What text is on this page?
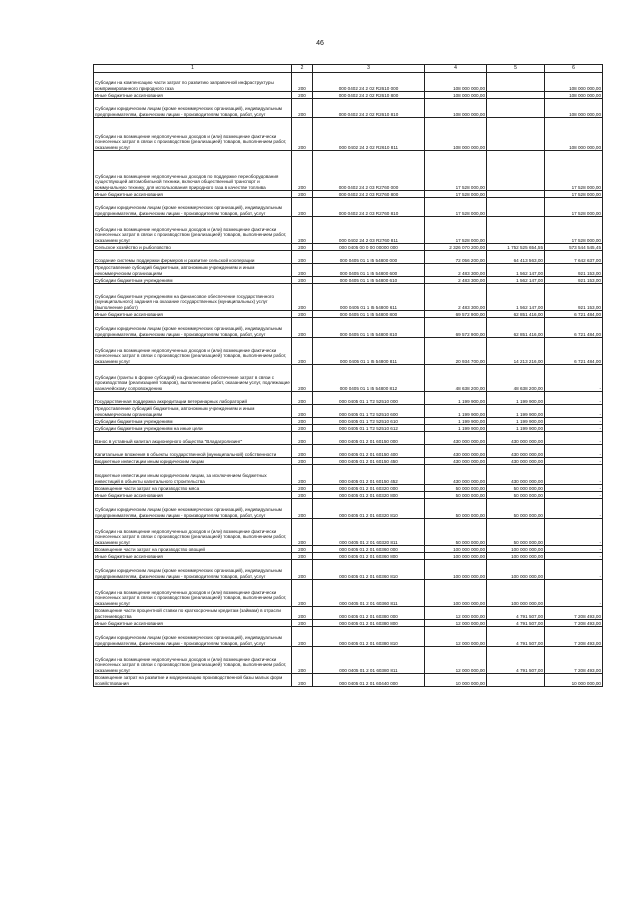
46
1	2	3	4	5	6
Субсидии на компенсацию части затрат по развитию заправочной инфраструктуры компримированного природного газа	200	000 0402 24 2 02 R2610 000	108 000 000,00		108 000 000,00
Иные бюджетные ассигнования	200	000 0402 24 2 02 R2610 800	108 000 000,00		108 000 000,00
Субсидии юридическим лицам (кроме некоммерческих организаций), индивидуальным предпринимателям, физическим лицам - производителям товаров, работ, услуг	200	000 0402 24 2 02 R2610 810	108 000 000,00		108 000 000,00
Субсидии на возмещение недополученных доходов и (или) возмещение фактически понесенных затрат в связи с производством (реализацией) товаров, выполнением работ, оказанием услуг	200	000 0402 24 2 02 R2610 811	108 000 000,00		108 000 000,00
Субсидии на возмещение недополученных доходов по поддержке переоборудования существующей автомобильной техники, включая общественный транспорт и коммунальную технику, для использования природного газа в качестве топлива	200	000 0402 24 2 03 R2760 000	17 528 000,00		17 528 000,00
Иные бюджетные ассигнования	200	000 0402 24 2 03 R2760 800	17 528 000,00		17 528 000,00
Субсидии юридическим лицам (кроме некоммерческих организаций), индивидуальным предпринимателям, физическим лицам - производителям товаров, работ, услуг	200	000 0402 24 2 03 R2760 810	17 528 000,00		17 528 000,00
Субсидии на возмещение недополученных доходов и (или) возмещение фактически понесенных затрат в связи с производством (реализацией) товаров, выполнением работ, оказанием услуг	200	000 0402 24 2 03 R2760 811	17 528 000,00		17 528 000,00
Сельское хозяйство и рыболовство	200	000 0405 00 0 00 00000 000	2 326 070 200,00	1 752 525 654,55	573 544 545,45
Создание системы поддержки фермеров и развитие сельской кооперации	200	000 0405 01 1 I5 54800 000	72 056 200,00	64 413 563,00	7 642 637,00
Предоставление субсидий бюджетным, автономным учреждениям и иным некоммерческим организациям	200	000 0405 01 1 I5 54800 600	2 483 300,00	1 562 147,00	921 153,00
Субсидии бюджетным учреждениям	200	000 0405 01 1 I5 54800 610	2 483 300,00	1 562 147,00	921 153,00
Субсидии бюджетным учреждениям на финансовое обеспечение государственного (муниципального) задания на оказание государственных (муниципальных) услуг (выполнение работ)	200	000 0405 01 1 I5 54800 611	2 483 300,00	1 562 147,00	921 153,00
Иные бюджетные ассигнования	200	000 0405 01 1 I5 54800 800	69 572 900,00	62 851 416,00	6 721 484,00
Субсидии юридическим лицам (кроме некоммерческих организаций), индивидуальным предпринимателям, физическим лицам - производителям товаров, работ, услуг	200	000 0405 01 1 I5 54800 810	69 572 900,00	62 851 416,00	6 721 484,00
Субсидии на возмещение недополученных доходов и (или) возмещение фактически понесенных затрат в связи с производством (реализацией) товаров, выполнением работ, оказанием услуг	200	000 0405 01 1 I5 54800 811	20 934 700,00	14 213 216,00	6 721 484,00
Субсидии (гранты в форме субсидий) на финансовое обеспечение затрат в связи с производством (реализацией товаров), выполнением работ, оказанием услуг, подлежащие казначейскому сопровождению	200	000 0405 01 1 I5 54800 812	48 638 200,00	48 638 200,00	-
Государственная поддержка аккредитации ветеринарных лабораторий	200	000 0405 01 1 T2 52510 000	1 199 900,00	1 199 900,00	-
Предоставление субсидий бюджетным, автономным учреждениям и иным некоммерческим организациям	200	000 0405 01 1 T2 52510 600	1 199 900,00	1 199 900,00	-
Субсидии бюджетным учреждениям	200	000 0405 01 1 T2 52510 610	1 199 900,00	1 199 900,00	-
Субсидии бюджетным учреждениям на иные цели	200	000 0405 01 1 T2 52510 612	1 199 900,00	1 199 900,00	-
Взнос в уставный капитал акционерного общества "Владагролизинг"	200	000 0405 01 2 01 60150 000	430 000 000,00	430 000 000,00	-
Капитальные вложения в объекты государственной (муниципальной) собственности	200	000 0405 01 2 01 60150 400	430 000 000,00	430 000 000,00	-
Бюджетные инвестиции иным юридическим лицам	200	000 0405 01 2 01 60150 450	430 000 000,00	430 000 000,00	-
Бюджетные инвестиции иным юридическим лицам, за исключением бюджетных инвестиций в объекты капитального строительства	200	000 0405 01 2 01 60150 452	430 000 000,00	430 000 000,00	-
Возмещение части затрат на производство мяса	200	000 0405 01 2 01 60320 000	50 000 000,00	50 000 000,00	-
Иные бюджетные ассигнования	200	000 0405 01 2 01 60320 800	50 000 000,00	50 000 000,00	-
Субсидии юридическим лицам (кроме некоммерческих организаций), индивидуальным предпринимателям, физическим лицам - производителям товаров, работ, услуг	200	000 0405 01 2 01 60320 810	50 000 000,00	50 000 000,00	-
Субсидии на возмещение недополученных доходов и (или) возмещение фактически понесенных затрат в связи с производством (реализацией) товаров, выполнением работ, оказанием услуг	200	000 0405 01 2 01 60320 811	50 000 000,00	50 000 000,00	-
Возмещение части затрат на производство овощей	200	000 0405 01 2 01 60360 000	100 000 000,00	100 000 000,00	-
Иные бюджетные ассигнования	200	000 0405 01 2 01 60360 800	100 000 000,00	100 000 000,00	-
Субсидии юридическим лицам (кроме некоммерческих организаций), индивидуальным предпринимателям, физическим лицам - производителям товаров, работ, услуг	200	000 0405 01 2 01 60360 810	100 000 000,00	100 000 000,00	-
Субсидии на возмещение недополученных доходов и (или) возмещение фактически понесенных затрат в связи с производством (реализацией) товаров, выполнением работ, оказанием услуг	200	000 0405 01 2 01 60360 811	100 000 000,00	100 000 000,00	-
Возмещение части процентной ставки по краткосрочным кредитам (займам) в отрасли растениеводства	200	000 0405 01 2 01 60380 000	12 000 000,00	4 791 507,00	7 208 493,00
Иные бюджетные ассигнования	200	000 0405 01 2 01 60380 800	12 000 000,00	4 791 507,00	7 208 493,00
Субсидии юридическим лицам (кроме некоммерческих организаций), индивидуальным предпринимателям, физическим лицам - производителям товаров, работ, услуг	200	000 0405 01 2 01 60380 810	12 000 000,00	4 791 507,00	7 208 493,00
Субсидии на возмещение недополученных доходов и (или) возмещение фактически понесенных затрат в связи с производством (реализацией) товаров, выполнением работ, оказанием услуг	200	000 0405 01 2 01 60380 811	12 000 000,00	4 791 507,00	7 208 493,00
Возмещение затрат на развитие и модернизацию производственной базы малых форм хозяйствования	200	000 0405 01 2 01 60440 000	10 000 000,00		10 000 000,00
